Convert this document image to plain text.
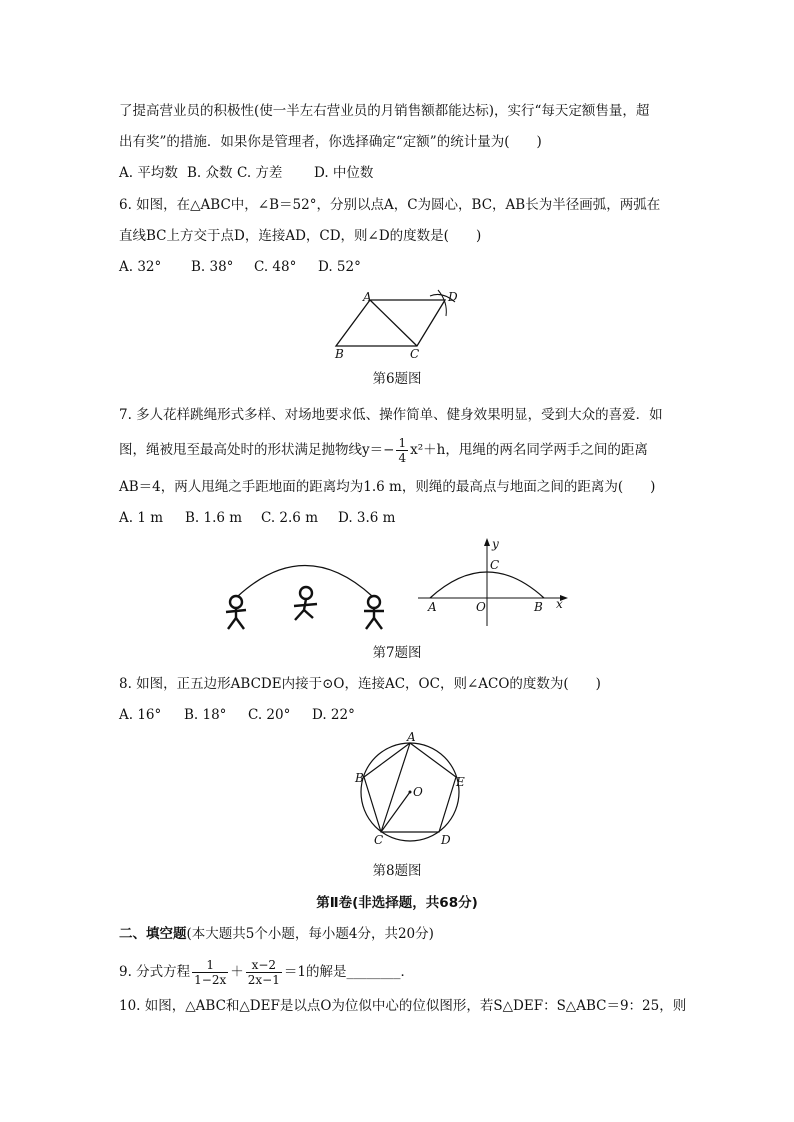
了提高营业员的积极性(使一半左右营业员的月销售额都能达标)，实行“每天定额售量，超
出有奖”的措施．如果你是管理者，你选择确定“定额”的统计量为(　　)
A. 平均数 B. 众数 C. 方差 D. 中位数
6. 如图，在△ABC中，∠B＝52°，分别以点A，C为圆心，BC，AB长为半径画弧，两弧在
直线BC上方交于点D，连接AD，CD，则∠D的度数是(　　)
A. 32° B. 38° C. 48° D. 52°
A	D
B	C
第6题图
7. 多人花样跳绳形式多样、对场地要求低、操作简单、健身效果明显，受到大众的喜爱．如
图，绳被甩至最高处时的形状满足抛物线$y=- \frac{1}{4} x^2+h$，甩绳的两名同学两手之间的距离
AB＝4，两人甩绳之手距地面的距离均为1.6 m，则绳的最高点与地面之间的距离为(　　)
A. 1 m B. 1.6 m C. 2.6 m D. 3.6 m
A	O	B
C
x
y
第7题图
8. 如图，正五边形ABCDE内接于⊙O，连接AC，OC，则∠ACO的度数为(　　)
A. 16° B. 18° C. 20° D. 22°
A
B
C	D
E
O
第8题图
第Ⅱ卷(非选择题，共68分)
二、填空题(本大题共5个小题，每小题4分，共20分)
9. 分式方程 $\frac{1}{1-2x} + \frac{x-2}{2x-1} =1$的解是________．
10. 如图，△ABC和△DEF是以点O为位似中心的位似图形，若S△DEF：S△ABC＝9：25，则
